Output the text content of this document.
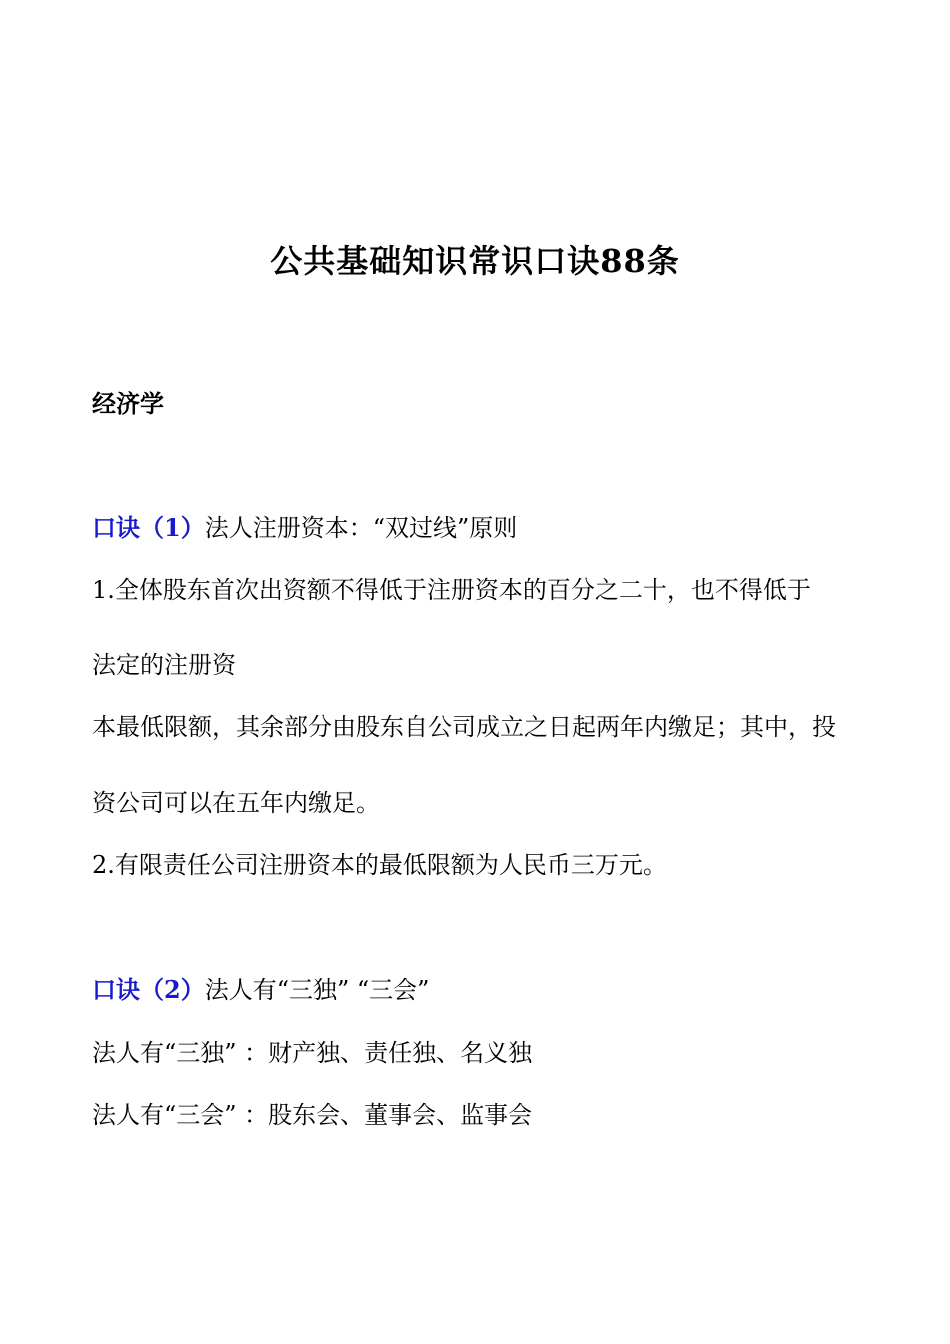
公共基础知识常识口诀88条
经济学
口诀（1）法人注册资本：“双过线”原则
1.全体股东首次出资额不得低于注册资本的百分之二十，也不得低于
法定的注册资
本最低限额，其余部分由股东自公司成立之日起两年内缴足；其中，投
资公司可以在五年内缴足。
2.有限责任公司注册资本的最低限额为人民币三万元。
口诀（2）法人有“三独” “三会”
法人有“三独” ：财产独、责任独、名义独
法人有“三会” ：股东会、董事会、监事会
